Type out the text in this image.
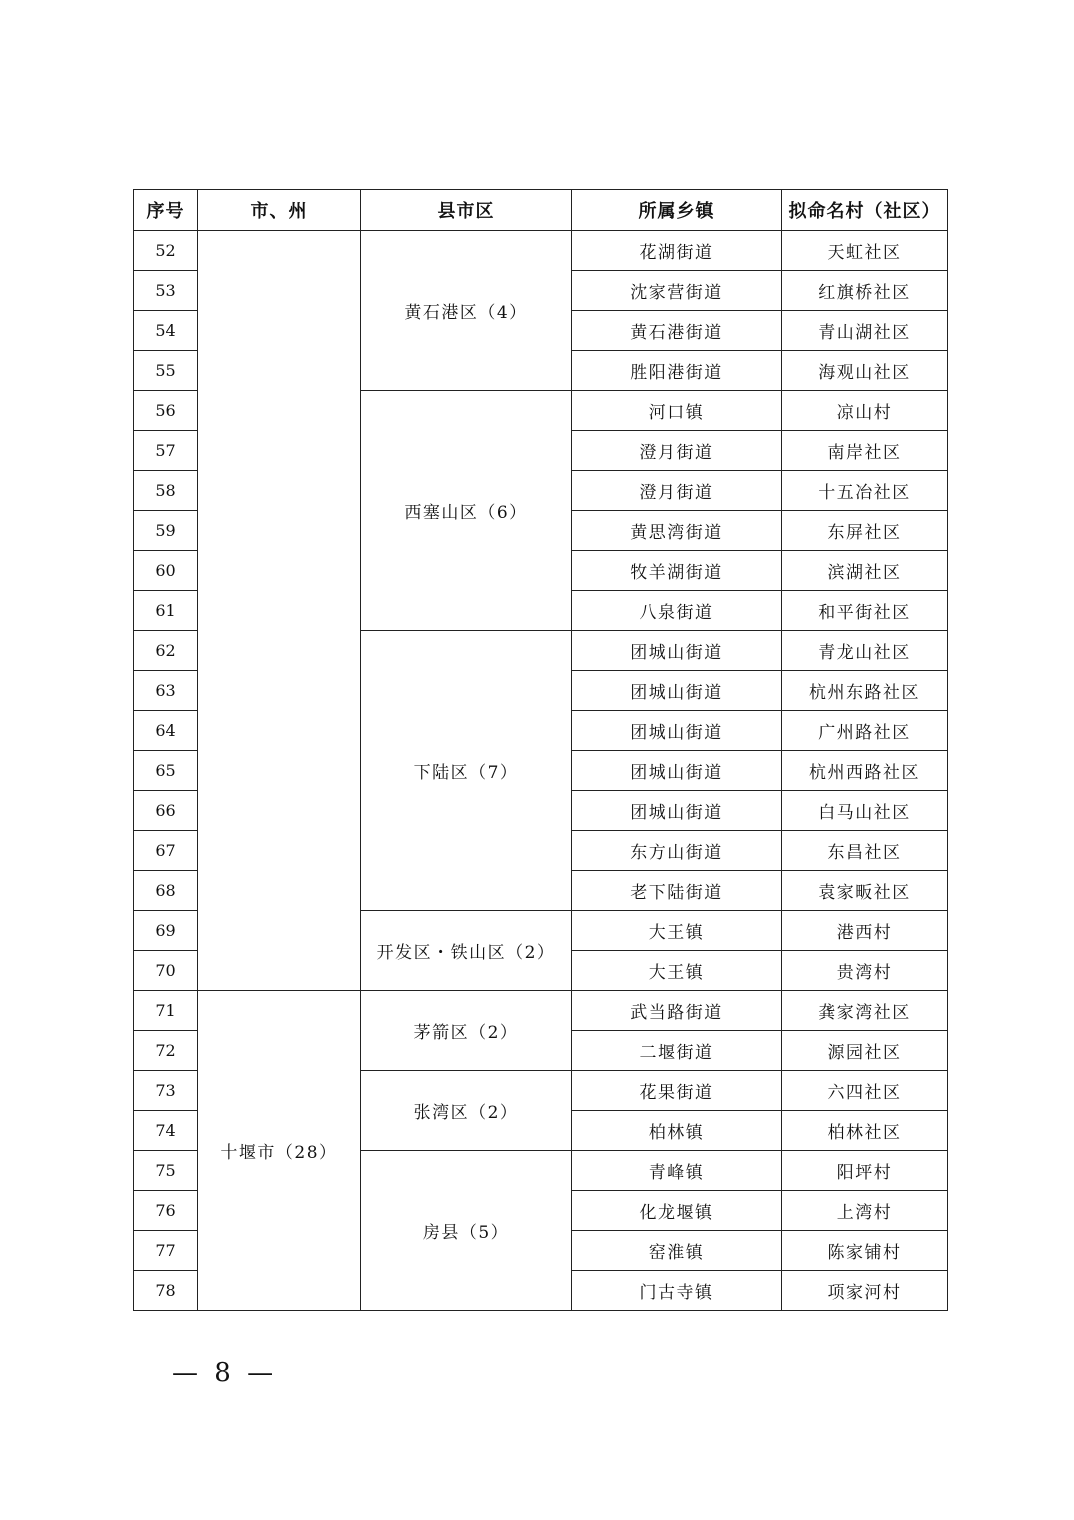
序号	市、州	县市区	所属乡镇	拟命名村（社区）
52		黄石港区（4）	花湖街道	天虹社区
53			沈家营街道	红旗桥社区
54			黄石港街道	青山湖社区
55			胜阳港街道	海观山社区
56		西塞山区（6）	河口镇	凉山村
57			澄月街道	南岸社区
58			澄月街道	十五冶社区
59			黄思湾街道	东屏社区
60			牧羊湖街道	滨湖社区
61			八泉街道	和平街社区
62		下陆区（7）	团城山街道	青龙山社区
63			团城山街道	杭州东路社区
64			团城山街道	广州路社区
65			团城山街道	杭州西路社区
66			团城山街道	白马山社区
67			东方山街道	东昌社区
68			老下陆街道	袁家畈社区
69		开发区・铁山区（2）	大王镇	港西村
70			大王镇	贵湾村
71	十堰市（28）	茅箭区（2）	武当路街道	龚家湾社区
72			二堰街道	源园社区
73		张湾区（2）	花果街道	六四社区
74			柏林镇	柏林社区
75		房县（5）	青峰镇	阳坪村
76			化龙堰镇	上湾村
77			窑淮镇	陈家铺村
78			门古寺镇	项家河村
— 8 —
